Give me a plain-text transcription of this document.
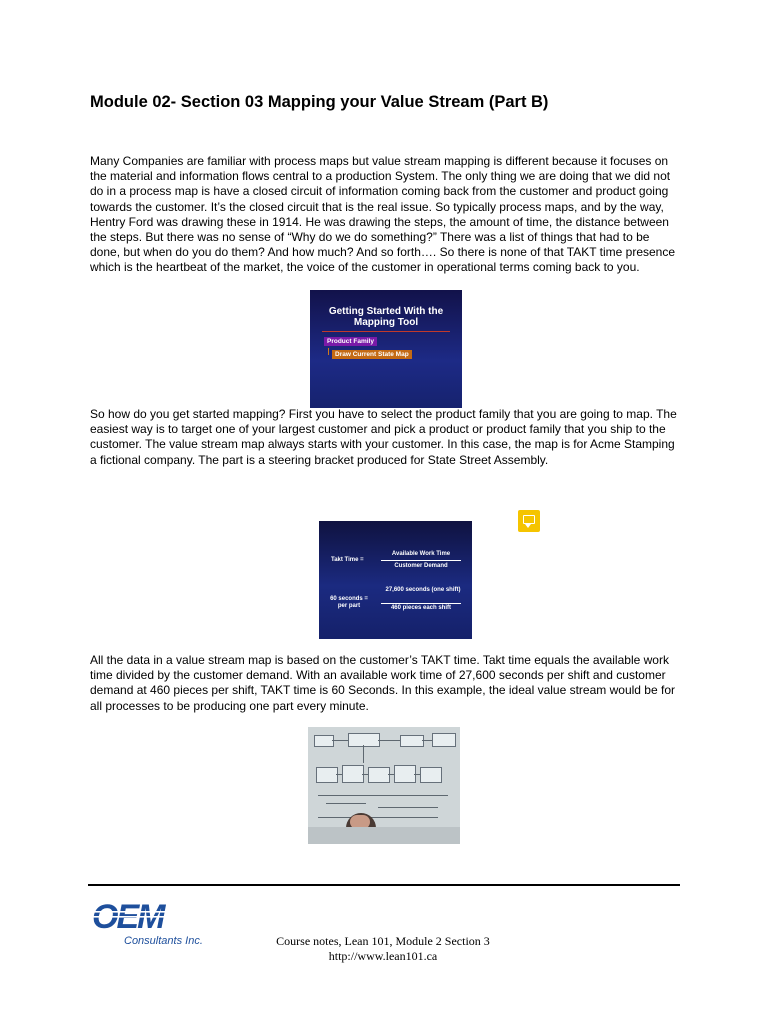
Module 02- Section 03 Mapping your Value Stream (Part B)

Many Companies are familiar with process maps but value stream mapping is different because it focuses on the material and information flows central to a production System. The only thing we are doing that we did not do in a process map is have a closed circuit of information coming back from the customer and product going towards the customer. It’s the closed circuit that is the real issue. So typically process maps, and by the way, Hentry Ford was drawing these in 1914. He was drawing the steps, the amount of time, the distance between the steps. But there was no sense of “Why do we do something?” There was a list of things that had to be done, but when do you do them? And how much? And so forth…. So there is none of that TAKT time presence which is the heartbeat of the market, the voice of the customer in operational terms coming back to you.

Getting Started With the Mapping Tool
Product Family
Draw Current State Map

So how do you get started mapping? First you have to select the product family that you are going to map. The easiest way is to target one of your largest customer and pick a product or product family that you ship to the customer. The value stream map always starts with your customer. In this case, the map is for Acme Stamping a fictional company. The part is a steering bracket produced for State Street Assembly.

Takt Time =
Available Work Time
Customer Demand
60 seconds = per part
27,600 seconds (one shift)
460 pieces each shift

All the data in a value stream map is based on the customer’s TAKT time. Takt time equals the available work time divided by the customer demand. With an available work time of 27,600 seconds per shift and customer demand at 460 pieces per shift, TAKT time is 60 Seconds. In this example, the ideal value stream would be for all processes to be producing one part every minute.

Consultants Inc.	Course notes, Lean 101, Module 2 Section 3
http://www.lean101.ca
